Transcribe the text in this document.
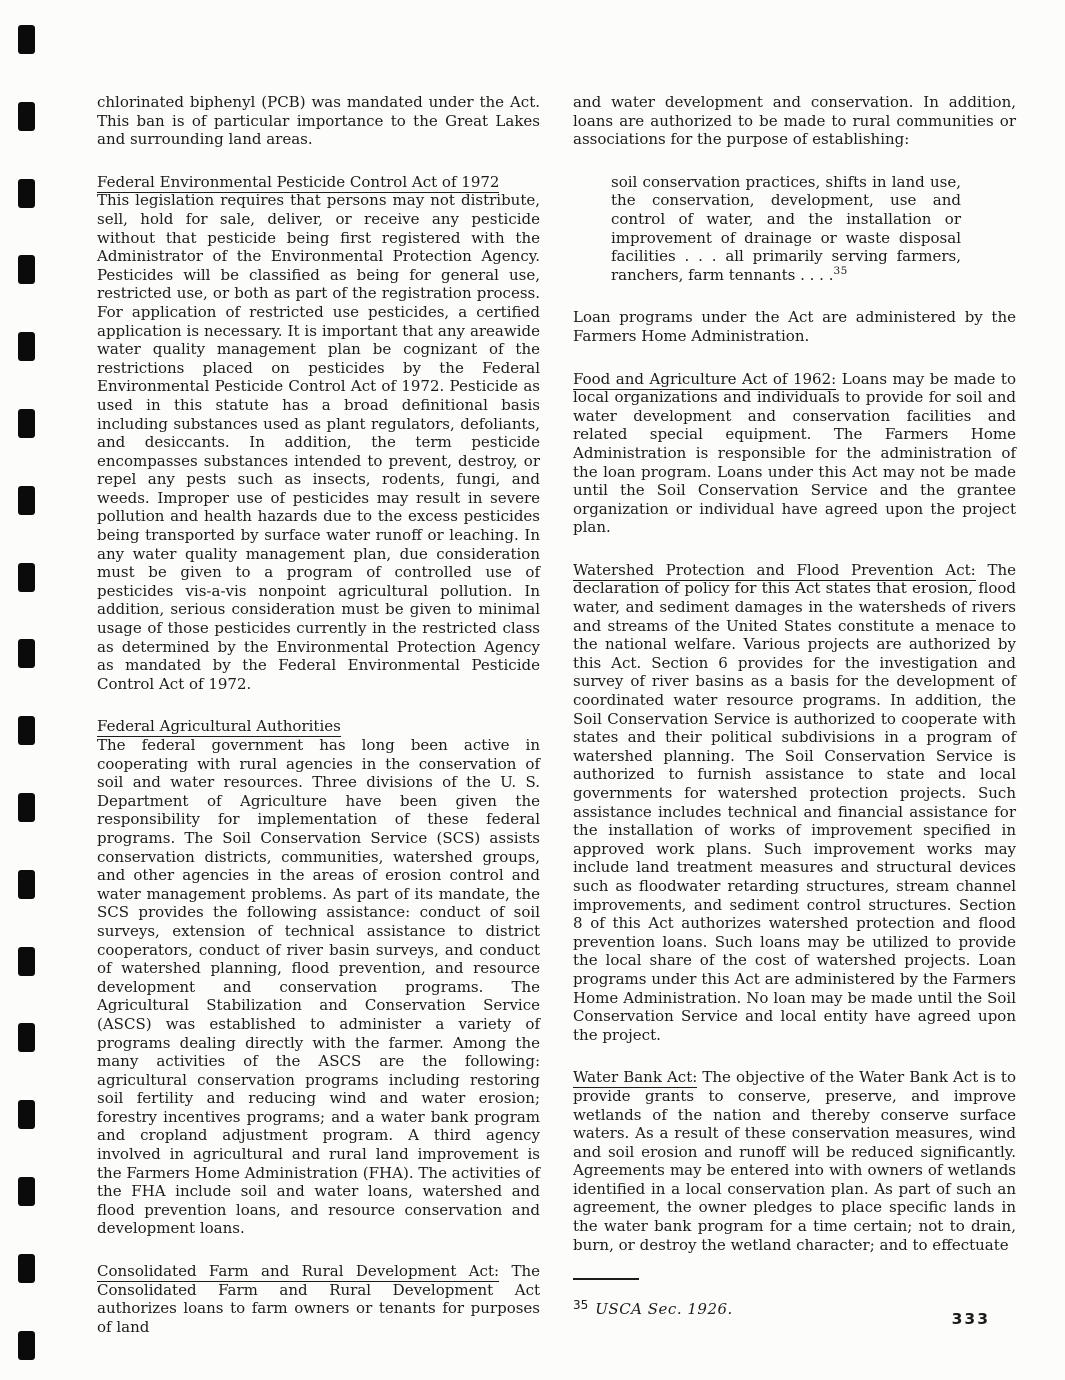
chlorinated biphenyl (PCB) was mandated under the Act. This ban is of particular importance to the Great Lakes and surrounding land areas.

Federal Environmental Pesticide Control Act of 1972

This legislation requires that persons may not distribute, sell, hold for sale, deliver, or receive any pesticide without that pesticide being first registered with the Administrator of the Environmental Protection Agency. Pesticides will be classified as being for general use, restricted use, or both as part of the registration process. For application of restricted use pesticides, a certified application is necessary. It is important that any areawide water quality management plan be cognizant of the restrictions placed on pesticides by the Federal Environmental Pesticide Control Act of 1972. Pesticide as used in this statute has a broad definitional basis including substances used as plant regulators, defoliants, and desiccants. In addition, the term pesticide encompasses substances intended to prevent, destroy, or repel any pests such as insects, rodents, fungi, and weeds. Improper use of pesticides may result in severe pollution and health hazards due to the excess pesticides being transported by surface water runoff or leaching. In any water quality management plan, due consideration must be given to a program of controlled use of pesticides vis-a-vis nonpoint agricultural pollution. In addition, serious consideration must be given to minimal usage of those pesticides currently in the restricted class as determined by the Environmental Protection Agency as mandated by the Federal Environmental Pesticide Control Act of 1972.

Federal Agricultural Authorities

The federal government has long been active in cooperating with rural agencies in the conservation of soil and water resources. Three divisions of the U. S. Department of Agriculture have been given the responsibility for implementation of these federal programs. The Soil Conservation Service (SCS) assists conservation districts, communities, watershed groups, and other agencies in the areas of erosion control and water management problems. As part of its mandate, the SCS provides the following assistance: conduct of soil surveys, extension of technical assistance to district cooperators, conduct of river basin surveys, and conduct of watershed planning, flood prevention, and resource development and conservation programs. The Agricultural Stabilization and Conservation Service (ASCS) was established to administer a variety of programs dealing directly with the farmer. Among the many activities of the ASCS are the following: agricultural conservation programs including restoring soil fertility and reducing wind and water erosion; forestry incentives programs; and a water bank program and cropland adjustment program. A third agency involved in agricultural and rural land improvement is the Farmers Home Administration (FHA). The activities of the FHA include soil and water loans, watershed and flood prevention loans, and resource conservation and development loans.

Consolidated Farm and Rural Development Act: The Consolidated Farm and Rural Development Act authorizes loans to farm owners or tenants for purposes of land

and water development and conservation. In addition, loans are authorized to be made to rural communities or associations for the purpose of establishing:

soil conservation practices, shifts in land use, the conservation, development, use and control of water, and the installation or improvement of drainage or waste disposal facilities . . . all primarily serving farmers, ranchers, farm tennants . . . .$^{35}$

Loan programs under the Act are administered by the Farmers Home Administration.

Food and Agriculture Act of 1962: Loans may be made to local organizations and individuals to provide for soil and water development and conservation facilities and related special equipment. The Farmers Home Administration is responsible for the administration of the loan program. Loans under this Act may not be made until the Soil Conservation Service and the grantee organization or individual have agreed upon the project plan.

Watershed Protection and Flood Prevention Act: The declaration of policy for this Act states that erosion, flood water, and sediment damages in the watersheds of rivers and streams of the United States constitute a menace to the national welfare. Various projects are authorized by this Act. Section 6 provides for the investigation and survey of river basins as a basis for the development of coordinated water resource programs. In addition, the Soil Conservation Service is authorized to cooperate with states and their political subdivisions in a program of watershed planning. The Soil Conservation Service is authorized to furnish assistance to state and local governments for watershed protection projects. Such assistance includes technical and financial assistance for the installation of works of improvement specified in approved work plans. Such improvement works may include land treatment measures and structural devices such as floodwater retarding structures, stream channel improvements, and sediment control structures. Section 8 of this Act authorizes watershed protection and flood prevention loans. Such loans may be utilized to provide the local share of the cost of watershed projects. Loan programs under this Act are administered by the Farmers Home Administration. No loan may be made until the Soil Conservation Service and local entity have agreed upon the project.

Water Bank Act: The objective of the Water Bank Act is to provide grants to conserve, preserve, and improve wetlands of the nation and thereby conserve surface waters. As a result of these conservation measures, wind and soil erosion and runoff will be reduced significantly. Agreements may be entered into with owners of wetlands identified in a local conservation plan. As part of such an agreement, the owner pledges to place specific lands in the water bank program for a time certain; not to drain, burn, or destroy the wetland character; and to effectuate

$^{35}$ USCA Sec. 1926.
333
